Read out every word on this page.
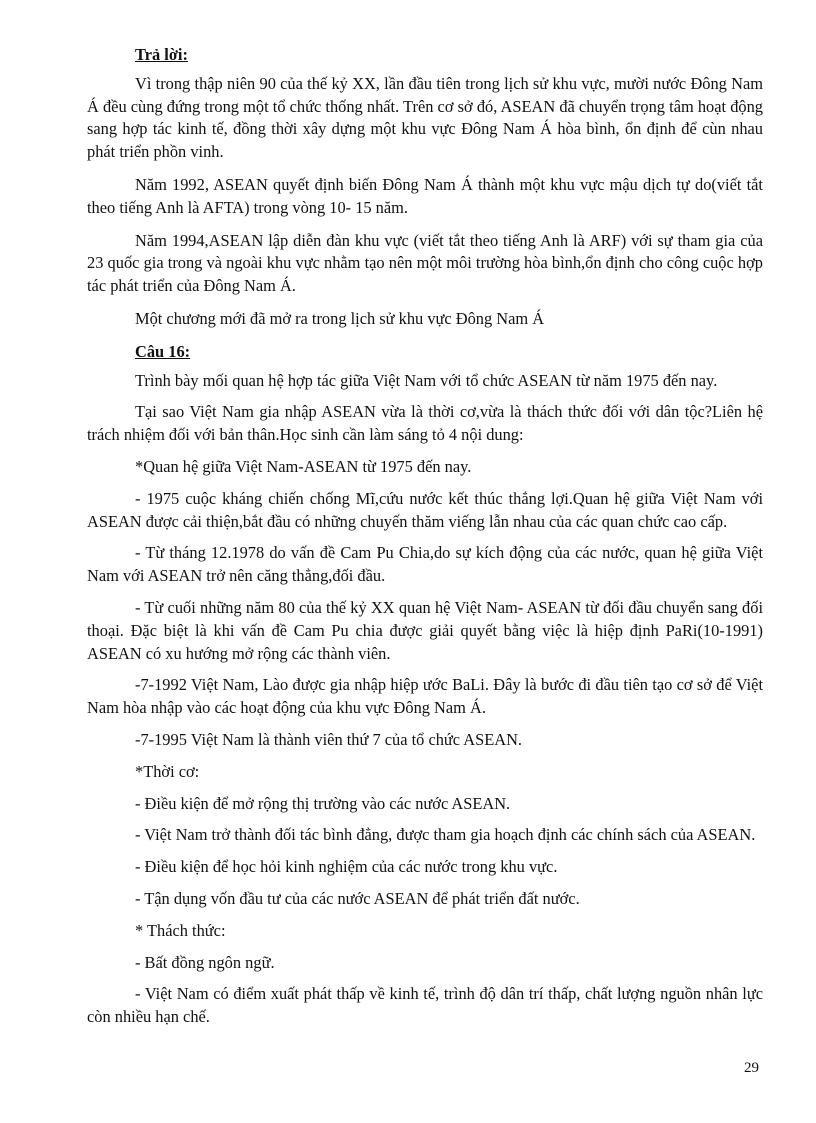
Trả lời:

Vì trong thập niên 90 của thế kỷ XX, lần đầu tiên trong lịch sử khu vực, mười nước Đông Nam Á đều cùng đứng trong một tổ chức thống nhất. Trên cơ sở đó, ASEAN đã chuyển trọng tâm hoạt động sang hợp tác kinh tế, đồng thời xây dựng một khu vực Đông Nam Á hòa bình, ổn định để cùn nhau phát triển phồn vinh.

Năm 1992, ASEAN quyết định biến Đông Nam Á thành một khu vực mậu dịch tự do(viết tắt theo tiếng Anh là AFTA) trong vòng 10- 15 năm.

Năm 1994,ASEAN lập diễn đàn khu vực (viết tắt theo tiếng Anh là ARF) với sự tham gia của 23 quốc gia trong và ngoài khu vực nhằm tạo nên một môi trường hòa bình,ổn định cho công cuộc hợp tác phát triển của Đông Nam Á.

Một chương mới đã mở ra trong lịch sử khu vực Đông Nam Á

Câu 16:

Trình bày mối quan hệ hợp tác giữa Việt Nam với tổ chức ASEAN từ năm 1975 đến nay.

Tại sao Việt Nam gia nhập ASEAN vừa là thời cơ,vừa là thách thức đối với dân tộc?Liên hệ trách nhiệm đối với bản thân.Học sinh cần làm sáng tỏ 4 nội dung:

*Quan hệ giữa Việt Nam-ASEAN từ 1975 đến nay.

- 1975 cuộc kháng chiến chống Mĩ,cứu nước kết thúc thắng lợi.Quan hệ giữa Việt Nam với ASEAN được cải thiện,bắt đầu có những chuyến thăm viếng lẫn nhau của các quan chức cao cấp.

- Từ tháng 12.1978 do vấn đề Cam Pu Chia,do sự kích động của các nước, quan hệ giữa Việt Nam với ASEAN trở nên căng thẳng,đối đầu.

- Từ cuối những năm 80 của thế kỷ XX quan hệ Việt Nam- ASEAN từ đối đầu chuyển sang đối thoại. Đặc biệt là khi vấn đề Cam Pu chia được giải quyết bằng việc là hiệp định PaRi(10-1991) ASEAN có xu hướng mở rộng các thành viên.

-7-1992 Việt Nam, Lào được gia nhập hiệp ước BaLi. Đây là bước đi đầu tiên tạo cơ sở để Việt Nam hòa nhập vào các hoạt động của khu vực Đông Nam Á.

-7-1995 Việt Nam là thành viên thứ 7 của tổ chức ASEAN.

*Thời cơ:

- Điều kiện để mở rộng thị trường vào các nước ASEAN.

- Việt Nam trở thành đối tác bình đẳng, được tham gia hoạch định các chính sách của ASEAN.

- Điều kiện để học hỏi kinh nghiệm của các nước trong khu vực.

- Tận dụng vốn đầu tư của các nước ASEAN để phát triển đất nước.

* Thách thức:

- Bất đồng ngôn ngữ.

- Việt Nam có điểm xuất phát thấp về kinh tế, trình độ dân trí thấp, chất lượng nguồn nhân lực còn nhiều hạn chế.

29
